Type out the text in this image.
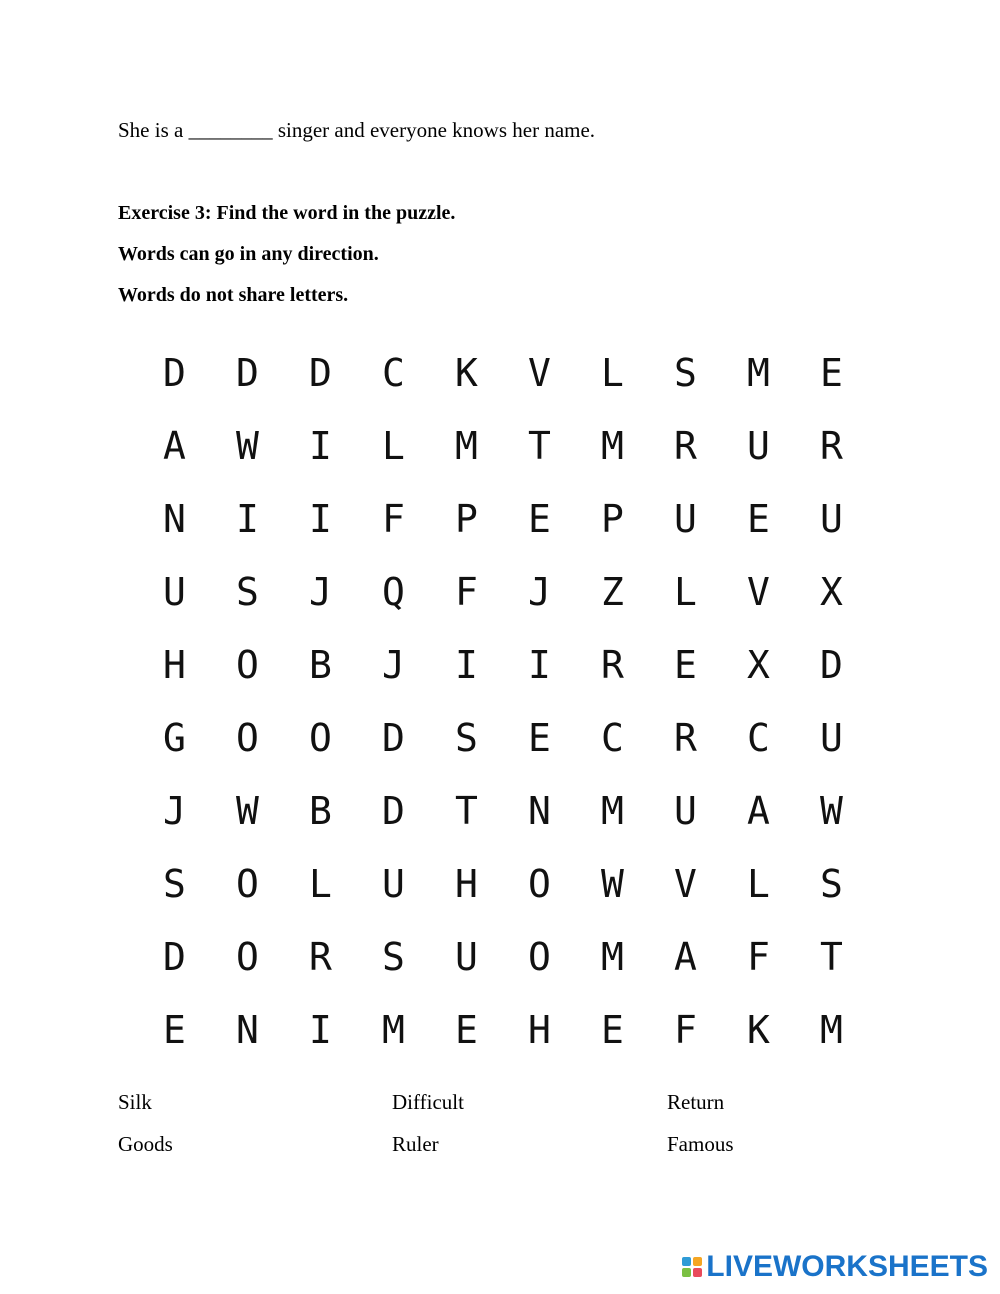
She is a ________ singer and everyone knows her name.
Exercise 3: Find the word in the puzzle.
Words can go in any direction.
Words do not share letters.
D	D	D	C	K	V	L	S	M	E
A	W	I	L	M	T	M	R	U	R
N	I	I	F	P	E	P	U	E	U
U	S	J	Q	F	J	Z	L	V	X
H	O	B	J	I	I	R	E	X	D
G	O	O	D	S	E	C	R	C	U
J	W	B	D	T	N	M	U	A	W
S	O	L	U	H	O	W	V	L	S
D	O	R	S	U	O	M	A	F	T
E	N	I	M	E	H	E	F	K	M
Silk	Difficult	Return
Goods	Ruler	Famous
LIVEWORKSHEETS
